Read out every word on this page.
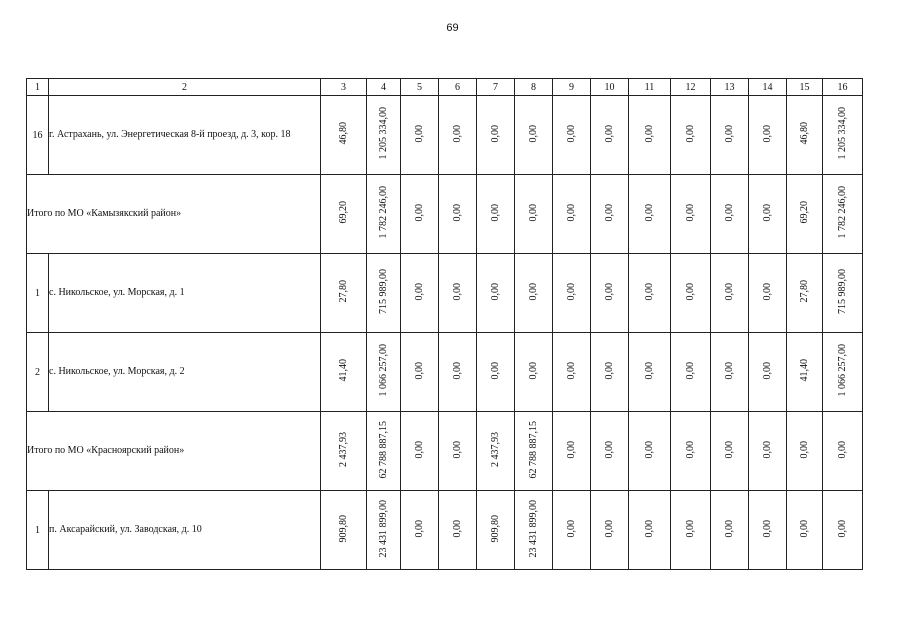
69
1	2	3	4	5	6	7	8	9	10	11	12	13	14	15	16
16	г. Астрахань, ул. Энергетическая 8-й проезд, д. 3, кор. 18	46,80	1 205 334,00	0,00	0,00	0,00	0,00	0,00	0,00	0,00	0,00	0,00	0,00	46,80	1 205 334,00
Итого по МО «Камызякский район»		69,20	1 782 246,00	0,00	0,00	0,00	0,00	0,00	0,00	0,00	0,00	0,00	0,00	69,20	1 782 246,00
1	с. Никольское, ул. Морская, д. 1	27,80	715 989,00	0,00	0,00	0,00	0,00	0,00	0,00	0,00	0,00	0,00	0,00	27,80	715 989,00
2	с. Никольское, ул. Морская, д. 2	41,40	1 066 257,00	0,00	0,00	0,00	0,00	0,00	0,00	0,00	0,00	0,00	0,00	41,40	1 066 257,00
Итого по МО «Красноярский район»		2 437,93	62 788 887,15	0,00	0,00	2 437,93	62 788 887,15	0,00	0,00	0,00	0,00	0,00	0,00	0,00	0,00
1	п. Аксарайский, ул. Заводская, д. 10	909,80	23 431 899,00	0,00	0,00	909,80	23 431 899,00	0,00	0,00	0,00	0,00	0,00	0,00	0,00	0,00
